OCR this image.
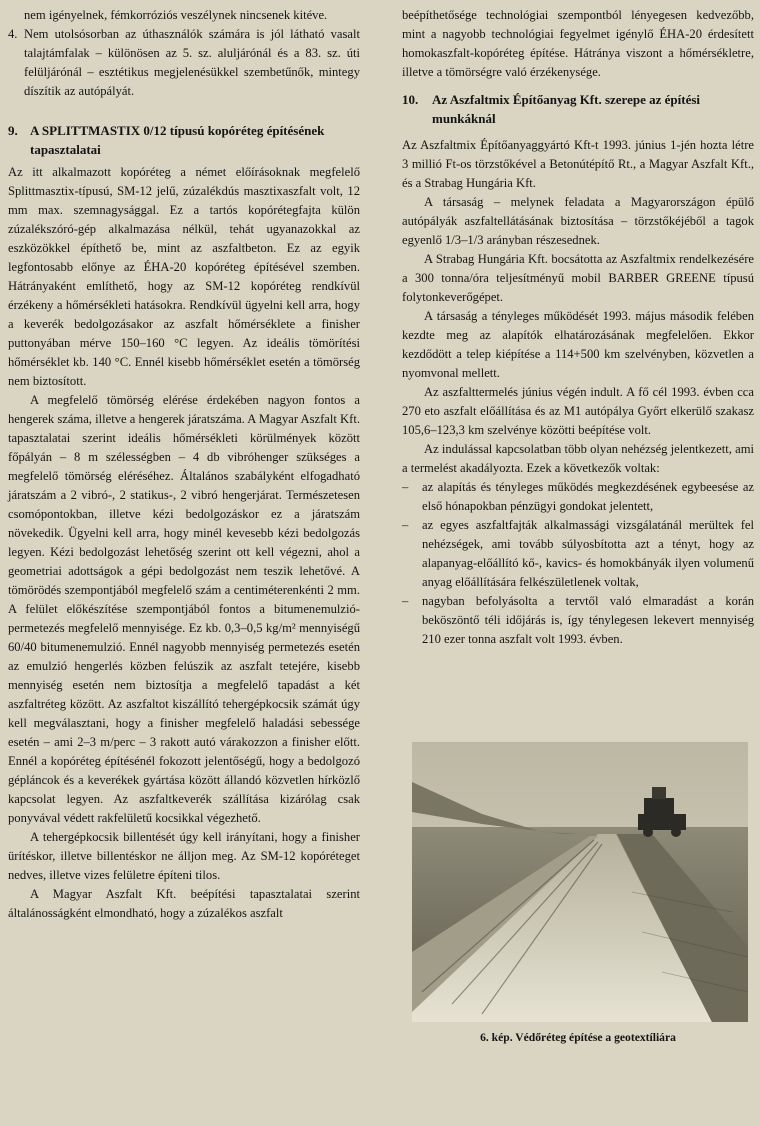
nem igényelnek, fémkorróziós veszélynek nincsenek kitéve.

4. Nem utolsósorban az úthasználók számára is jól látható vasalt talajtámfalak – különösen az 5. sz. aluljárónál és a 83. sz. úti felüljárónál – esztétikus megjelenésükkel szembetűnők, mintegy díszítik az autópályát.
9. A SPLITTMASTIX 0/12 típusú kopóréteg építésének tapasztalatai

Az itt alkalmazott kopóréteg a német előírásoknak megfelelő Splittmasztix-típusú, SM-12 jelű, zúzalékdús masztixaszfalt volt, 12 mm max. szemnagysággal. Ez a tartós kopórétegfajta külön zúzalékszóró-gép alkalmazása nélkül, tehát ugyanazokkal az eszközökkel építhető be, mint az aszfaltbeton. Ez az egyik legfontosabb előnye az ÉHA-20 kopóréteg építésével szemben. Hátrányaként említhető, hogy az SM-12 kopóréteg rendkívül érzékeny a hőmérsékleti hatásokra. Rendkívül ügyelni kell arra, hogy a keverék bedolgozásakor az aszfalt hőmérséklete a finisher puttonyában mérve 150–160 °C legyen. Az ideális tömörítési hőmérséklet kb. 140 °C. Ennél kisebb hőmérséklet esetén a tömörség nem biztosított.

A megfelelő tömörség elérése érdekében nagyon fontos a hengerek száma, illetve a hengerek járatszáma. A Magyar Aszfalt Kft. tapasztalatai szerint ideális hőmérsékleti körülmények között főpályán – 8 m szélességben – 4 db vibróhenger szükséges a megfelelő tömörség eléréséhez. Általános szabályként elfogadható járatszám a 2 vibró-, 2 statikus-, 2 vibró hengerjárat. Természetesen csomópontokban, illetve kézi bedolgozáskor ez a járatszám növekedik. Ügyelni kell arra, hogy minél kevesebb kézi bedolgozás legyen. Kézi bedolgozást lehetőség szerint ott kell végezni, ahol a geometriai adottságok a gépi bedolgozást nem teszik lehetővé. A tömörödés szempontjából megfelelő szám a centiméterenkénti 2 mm. A felület előkészítése szempontjából fontos a bitumenemulzió-permetezés megfelelő mennyisége. Ez kb. 0,3–0,5 kg/m² mennyiségű 60/40 bitumenemulzió. Ennél nagyobb mennyiség permetezés esetén az emulzió hengerlés közben felúszik az aszfalt tetejére, kisebb mennyiség esetén nem biztosítja a megfelelő tapadást a két aszfaltréteg között. Az aszfaltot kiszállító tehergépkocsik számát úgy kell megválasztani, hogy a finisher megfelelő haladási sebessége esetén – ami 2–3 m/perc – 3 rakott autó várakozzon a finisher előtt. Ennél a kopóréteg építésénél fokozott jelentőségű, hogy a bedolgozó gépláncok és a keverékek gyártása között állandó közvetlen hírközlő kapcsolat legyen. Az aszfaltkeverék szállítása kizárólag csak ponyvával védett rakfelületű kocsikkal végezhető.

A tehergépkocsik billentését úgy kell irányítani, hogy a finisher ürítéskor, illetve billentéskor ne álljon meg. Az SM-12 kopóréteget nedves, illetve vizes felületre építeni tilos.

A Magyar Aszfalt Kft. beépítési tapasztalatai szerint általánosságként elmondható, hogy a zúzalékos aszfalt

beépíthetősége technológiai szempontból lényegesen kedvezőbb, mint a nagyobb technológiai fegyelmet igénylő ÉHA-20 érdesített homokaszfalt-kopóréteg építése. Hátránya viszont a hőmérsékletre, illetve a tömörségre való érzékenysége.

10.	Az Aszfaltmix Építőanyag Kft. szerepe az építési munkáknál

Az Aszfaltmix Építőanyaggyártó Kft-t 1993. június 1-jén hozta létre 3 millió Ft-os törzstőkével a Betonútépítő Rt., a Magyar Aszfalt Kft., és a Strabag Hungária Kft.

A társaság – melynek feladata a Magyarországon épülő autópályák aszfaltellátásának biztosítása – törzstőkéjéből a tagok egyenlő 1/3–1/3 arányban részesednek.

A Strabag Hungária Kft. bocsátotta az Aszfaltmix rendelkezésére a 300 tonna/óra teljesítményű mobil BARBER GREENE típusú folytonkeverőgépet.

A társaság a tényleges működését 1993. május második felében kezdte meg az alapítók elhatározásának megfelelően. Ekkor kezdődött a telep kiépítése a 114+500 km szelvényben, közvetlen a nyomvonal mellett.

Az aszfalttermelés június végén indult. A fő cél 1993. évben cca 270 eto aszfalt előállítása és az M1 autópálya Győrt elkerülő szakasz 105,6–123,3 km szelvénye közötti beépítése volt.

Az indulással kapcsolatban több olyan nehézség jelentkezett, ami a termelést akadályozta. Ezek a következők voltak:

–	az alapítás és tényleges működés megkezdésének egybeesése az első hónapokban pénzügyi gondokat jelentett,
–	az egyes aszfaltfajták alkalmassági vizsgálatánál merültek fel nehézségek, ami tovább súlyosbította azt a tényt, hogy az alapanyag-előállító kő-, kavics- és homokbányák ilyen volumenű anyag előállítására felkészületlenek voltak,
–	nagyban befolyásolta a tervtől való elmaradást a korán beköszöntő téli időjárás is, így ténylegesen lekevert mennyiség 210 ezer tonna aszfalt volt 1993. évben.
6. kép. Védőréteg építése a geotextíliára
